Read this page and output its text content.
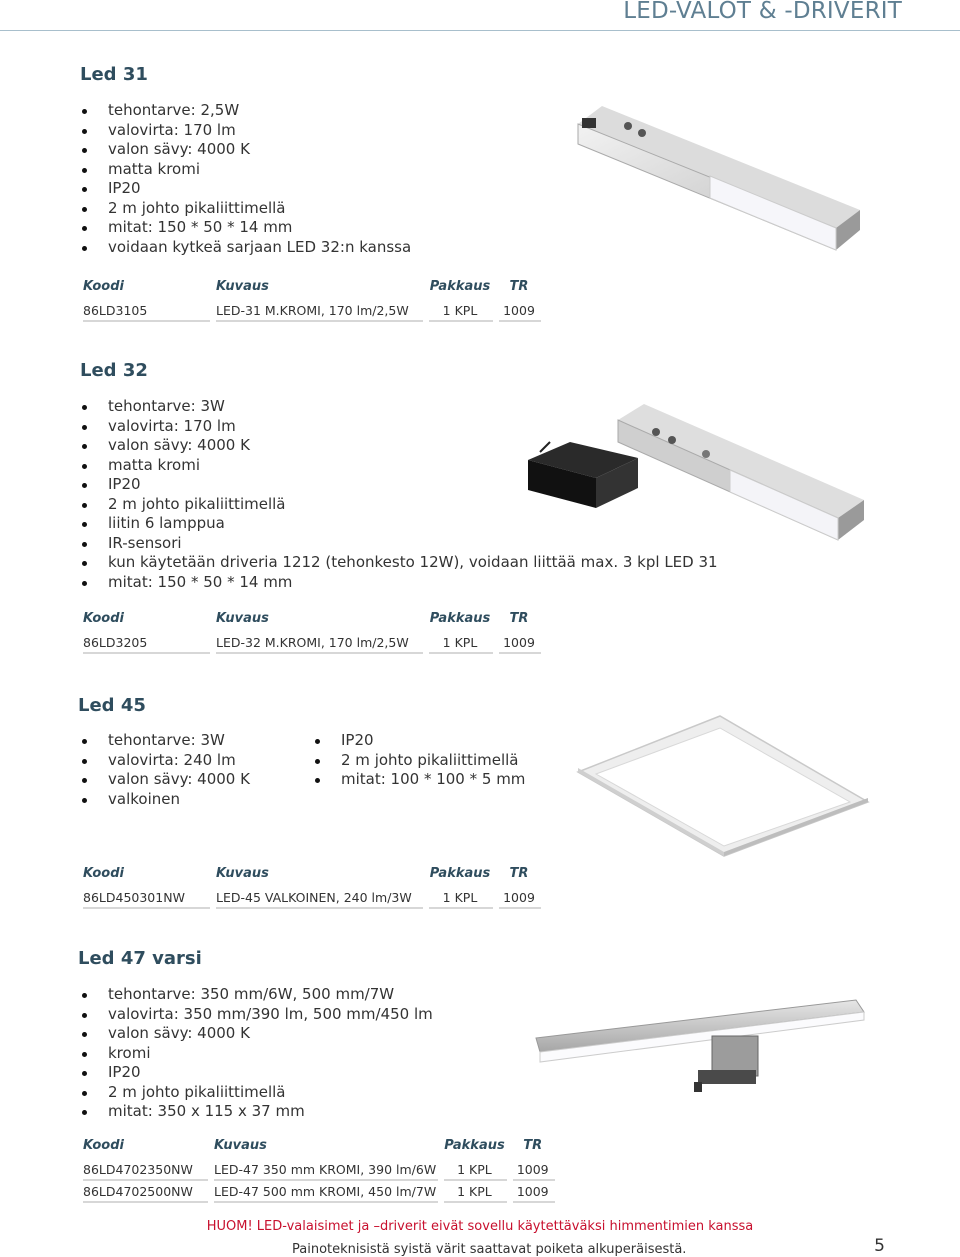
LED-VALOT & -DRIVERIT
Led 31
tehontarve: 2,5W
valovirta: 170 lm
valon sävy: 4000 K
matta kromi
IP20
2 m johto pikaliittimellä
mitat: 150 * 50 * 14 mm
voidaan kytkeä sarjaan LED 32:n kanssa
Koodi	Kuvaus	Pakkaus	TR
86LD3105	LED-31 M.KROMI, 170 lm/2,5W	1 KPL	1009
Led 32
tehontarve: 3W
valovirta: 170 lm
valon sävy: 4000 K
matta kromi
IP20
2 m johto pikaliittimellä
liitin 6 lamppua
IR-sensori
kun käytetään driveria 1212 (tehonkesto 12W), voidaan liittää max. 3 kpl LED 31
mitat: 150 * 50 * 14 mm
Koodi	Kuvaus	Pakkaus	TR
86LD3205	LED-32 M.KROMI, 170 lm/2,5W	1 KPL	1009
Led 45
tehontarve: 3W
valovirta: 240 lm
valon sävy: 4000 K
valkoinen
IP20
2 m johto pikaliittimellä
mitat: 100 * 100 * 5 mm
Koodi	Kuvaus	Pakkaus	TR
86LD450301NW	LED-45 VALKOINEN, 240 lm/3W	1 KPL	1009
Led 47 varsi
tehontarve: 350 mm/6W, 500 mm/7W
valovirta: 350 mm/390 lm, 500 mm/450 lm
valon sävy: 4000 K
kromi
IP20
2 m johto pikaliittimellä
mitat: 350 x 115 x 37 mm
Koodi	Kuvaus	Pakkaus	TR
86LD4702350NW	LED-47 350 mm KROMI, 390 lm/6W	1 KPL	1009
86LD4702500NW	LED-47 500 mm KROMI, 450 lm/7W	1 KPL	1009
HUOM! LED-valaisimet ja –driverit eivät sovellu käytettäväksi himmentimien kanssa
Painoteknisistä syistä värit saattavat poiketa alkuperäisestä.	5
